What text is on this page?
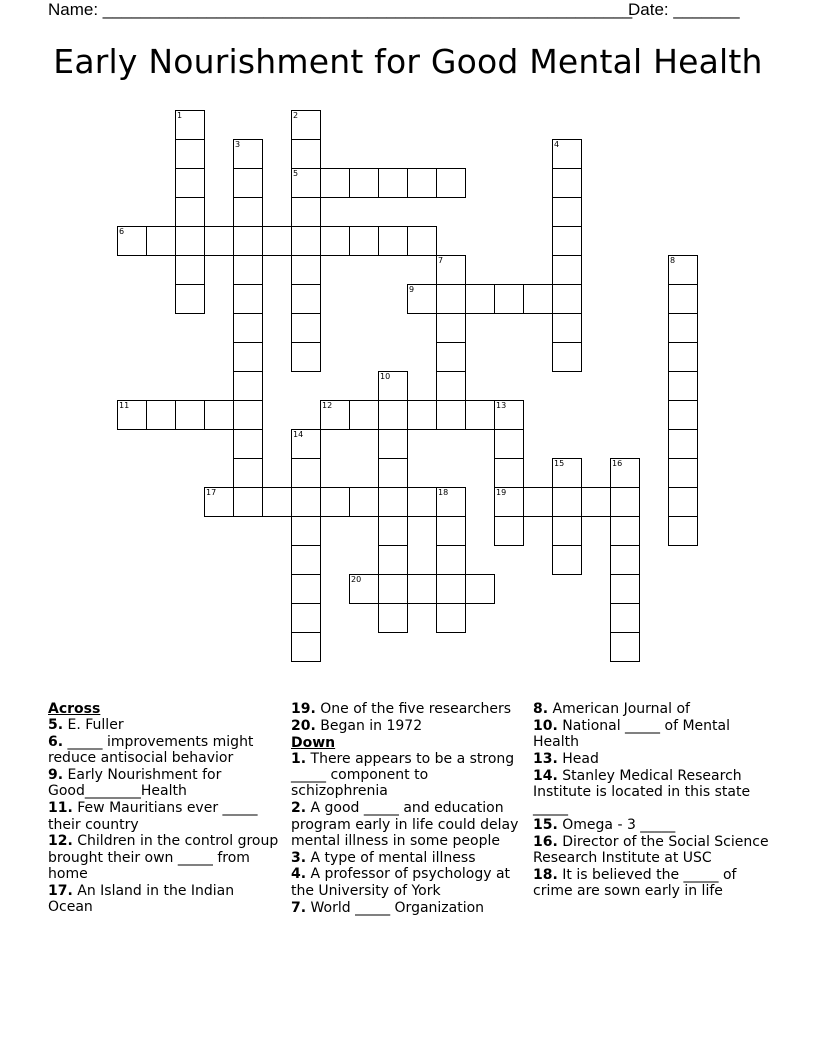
Name: ________________________________________________________
Date: _______
Early Nourishment for Good Mental Health
1	2
3	4
5
6
7	8
9
10
11	12	13
14
15	16
17	18	19
20
Across
5. E. Fuller
6. _____ improvements might reduce antisocial behavior
9. Early Nourishment for Good________Health
11. Few Mauritians ever _____ their country
12. Children in the control group brought their own _____ from home
17. An Island in the Indian Ocean
19. One of the five researchers
20. Began in 1972
Down
1. There appears to be a strong _____ component to schizophrenia
2. A good _____ and education program early in life could delay mental illness in some people
3. A type of mental illness
4. A professor of psychology at the University of York
7. World _____ Organization
8. American Journal of
10. National _____ of Mental Health
13. Head
14. Stanley Medical Research Institute is located in this state _____
15. Omega - 3 _____
16. Director of the Social Science Research Institute at USC
18. It is believed the _____ of crime are sown early in life
